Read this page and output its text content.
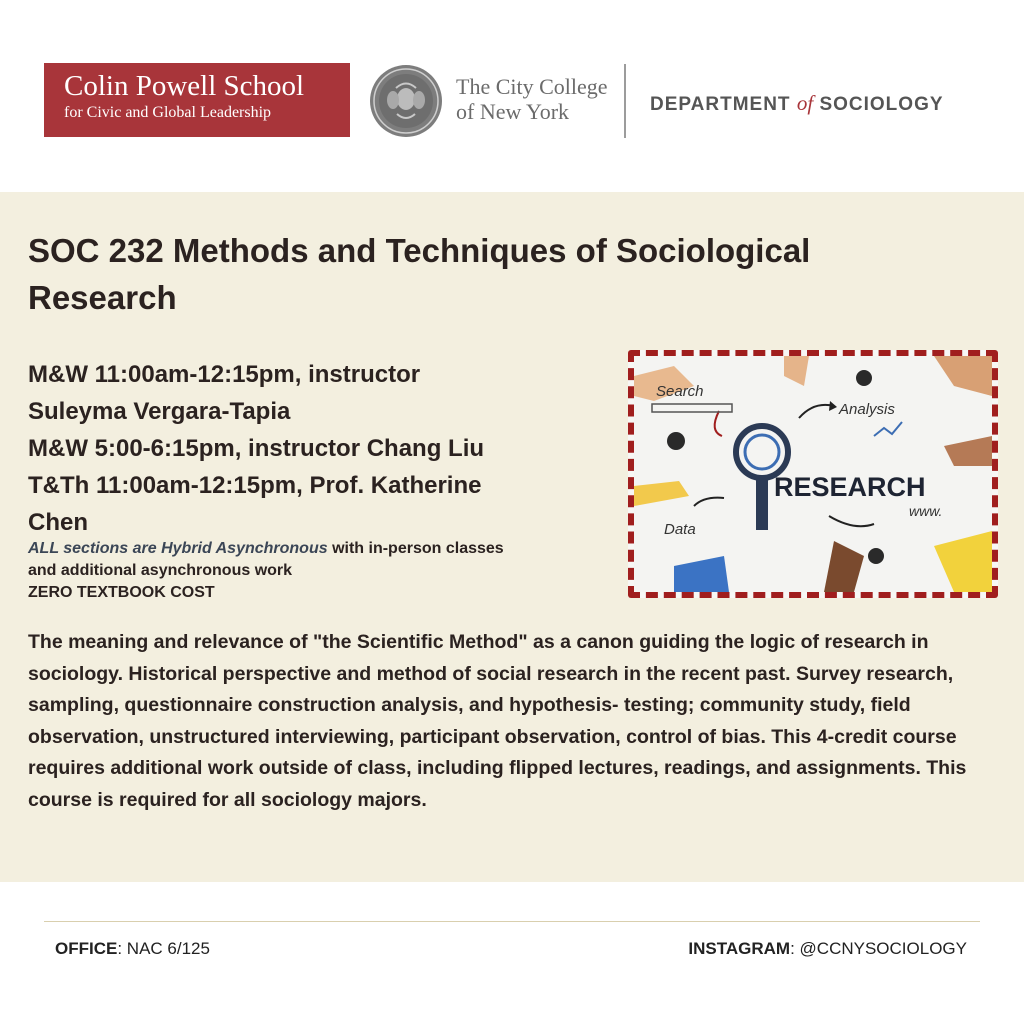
Colin Powell School
for Civic and Global Leadership
The City College
of New York	DEPARTMENT of SOCIOLOGY
SOC 232 Methods and Techniques of Sociological Research
M&W 11:00am-12:15pm, instructor
Suleyma Vergara-Tapia
M&W 5:00-6:15pm, instructor Chang Liu
T&Th 11:00am-12:15pm, Prof. Katherine
Chen
ALL sections are Hybrid Asynchronous with in-person classes
and additional asynchronous work
ZERO TEXTBOOK COST
Search
Analysis
RESEARCH
Data
www.

The meaning and relevance of "the Scientific Method" as a canon guiding the logic of research in sociology. Historical perspective and method of social research in the recent past. Survey research, sampling, questionnaire construction analysis, and hypothesis- testing; community study, field observation, unstructured interviewing, participant observation, control of bias. This 4-credit course requires additional work outside of class, including flipped lectures, readings, and assignments. This course is required for all sociology majors.

OFFICE: NAC 6/125	INSTAGRAM: @CCNYSOCIOLOGY
